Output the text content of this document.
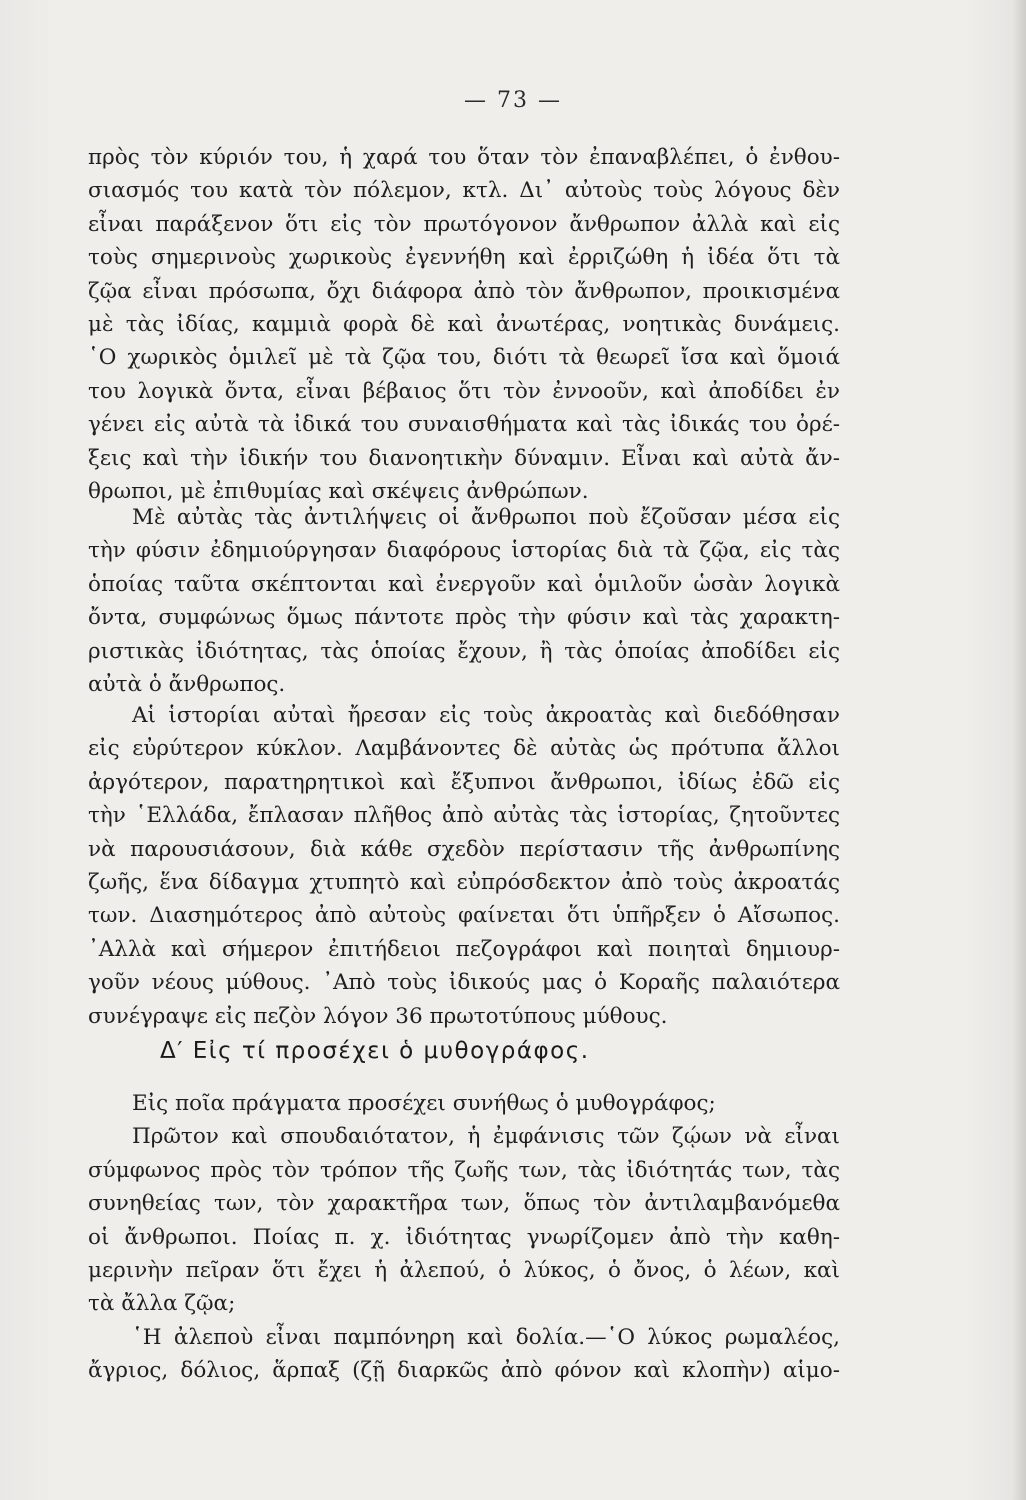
— 73 —
πρὸς τὸν κύριόν του, ἡ χαρά του ὅταν τὸν ἐπαναβλέπει, ὁ ἐνθου-
σιασμός του κατὰ τὸν πόλεμον, κτλ. Δι᾽ αὐτοὺς τοὺς λόγους δὲν
εἶναι παράξενον ὅτι εἰς τὸν πρωτόγονον ἄνθρωπον ἀλλὰ καὶ εἰς
τοὺς σημερινοὺς χωρικοὺς ἐγεννήθη καὶ ἐρριζώθη ἡ ἰδέα ὅτι τὰ
ζῷα εἶναι πρόσωπα, ὄχι διάφορα ἀπὸ τὸν ἄνθρωπον, προικισμένα
μὲ τὰς ἰδίας, καμμιὰ φορὰ δὲ καὶ ἀνωτέρας, νοητικὰς δυνάμεις.
῾Ο χωρικὸς ὁμιλεῖ μὲ τὰ ζῷα του, διότι τὰ θεωρεῖ ἴσα καὶ ὅμοιά
του λογικὰ ὄντα, εἶναι βέβαιος ὅτι τὸν ἐννοοῦν, καὶ ἀποδίδει ἐν
γένει εἰς αὐτὰ τὰ ἰδικά του συναισθήματα καὶ τὰς ἰδικάς του ὀρέ-
ξεις καὶ τὴν ἰδικήν του διανοητικὴν δύναμιν. Εἶναι καὶ αὐτὰ ἄν-
θρωποι, μὲ ἐπιθυμίας καὶ σκέψεις ἀνθρώπων.
Μὲ αὐτὰς τὰς ἀντιλήψεις οἱ ἄνθρωποι ποὺ ἔζοῦσαν μέσα εἰς
τὴν φύσιν ἐδημιούργησαν διαφόρους ἱστορίας διὰ τὰ ζῷα, εἰς τὰς
ὁποίας ταῦτα σκέπτονται καὶ ἐνεργοῦν καὶ ὁμιλοῦν ὡσὰν λογικὰ
ὄντα, συμφώνως ὅμως πάντοτε πρὸς τὴν φύσιν καὶ τὰς χαρακτη-
ριστικὰς ἰδιότητας, τὰς ὁποίας ἔχουν, ἢ τὰς ὁποίας ἀποδίδει εἰς
αὐτὰ ὁ ἄνθρωπος.
Αἱ ἱστορίαι αὐταὶ ἤρεσαν εἰς τοὺς ἀκροατὰς καὶ διεδόθησαν
εἰς εὐρύτερον κύκλον. Λαμβάνοντες δὲ αὐτὰς ὡς πρότυπα ἄλλοι
ἀργότερον, παρατηρητικοὶ καὶ ἔξυπνοι ἄνθρωποι, ἰδίως ἐδῶ εἰς
τὴν ῾Ελλάδα, ἔπλασαν πλῆθος ἀπὸ αὐτὰς τὰς ἱστορίας, ζητοῦντες
νὰ παρουσιάσουν, διὰ κάθε σχεδὸν περίστασιν τῆς ἀνθρωπίνης
ζωῆς, ἕνα δίδαγμα χτυπητὸ καὶ εὐπρόσδεκτον ἀπὸ τοὺς ἀκροατάς
των. Διασημότερος ἀπὸ αὐτοὺς φαίνεται ὅτι ὑπῆρξεν ὁ Αἴσωπος.
᾿Αλλὰ καὶ σήμερον ἐπιτήδειοι πεζογράφοι καὶ ποιηταὶ δημιουρ-
γοῦν νέους μύθους. ᾿Απὸ τοὺς ἰδικούς μας ὁ Κοραῆς παλαιότερα
συνέγραψε εἰς πεζὸν λόγον 36 πρωτοτύπους μύθους.
Δ′ Εἰς τί προσέχει ὁ μυθογράφος.
Εἰς ποῖα πράγματα προσέχει συνήθως ὁ μυθογράφος;
Πρῶτον καὶ σπουδαιότατον, ἡ ἐμφάνισις τῶν ζῴων νὰ εἶναι
σύμφωνος πρὸς τὸν τρόπον τῆς ζωῆς των, τὰς ἰδιότητάς των, τὰς
συνηθείας των, τὸν χαρακτῆρα των, ὅπως τὸν ἀντιλαμβανόμεθα
οἱ ἄνθρωποι. Ποίας π. χ. ἰδιότητας γνωρίζομεν ἀπὸ τὴν καθη-
μερινὴν πεῖραν ὅτι ἔχει ἡ ἀλεπού, ὁ λύκος, ὁ ὄνος, ὁ λέων, καὶ
τὰ ἄλλα ζῷα;
῾Η ἀλεποὺ εἶναι παμπόνηρη καὶ δολία.—῾Ο λύκος ρωμαλέος,
ἄγριος, δόλιος, ἅρπαξ (ζῇ διαρκῶς ἀπὸ φόνον καὶ κλοπὴν) αἱμο-
